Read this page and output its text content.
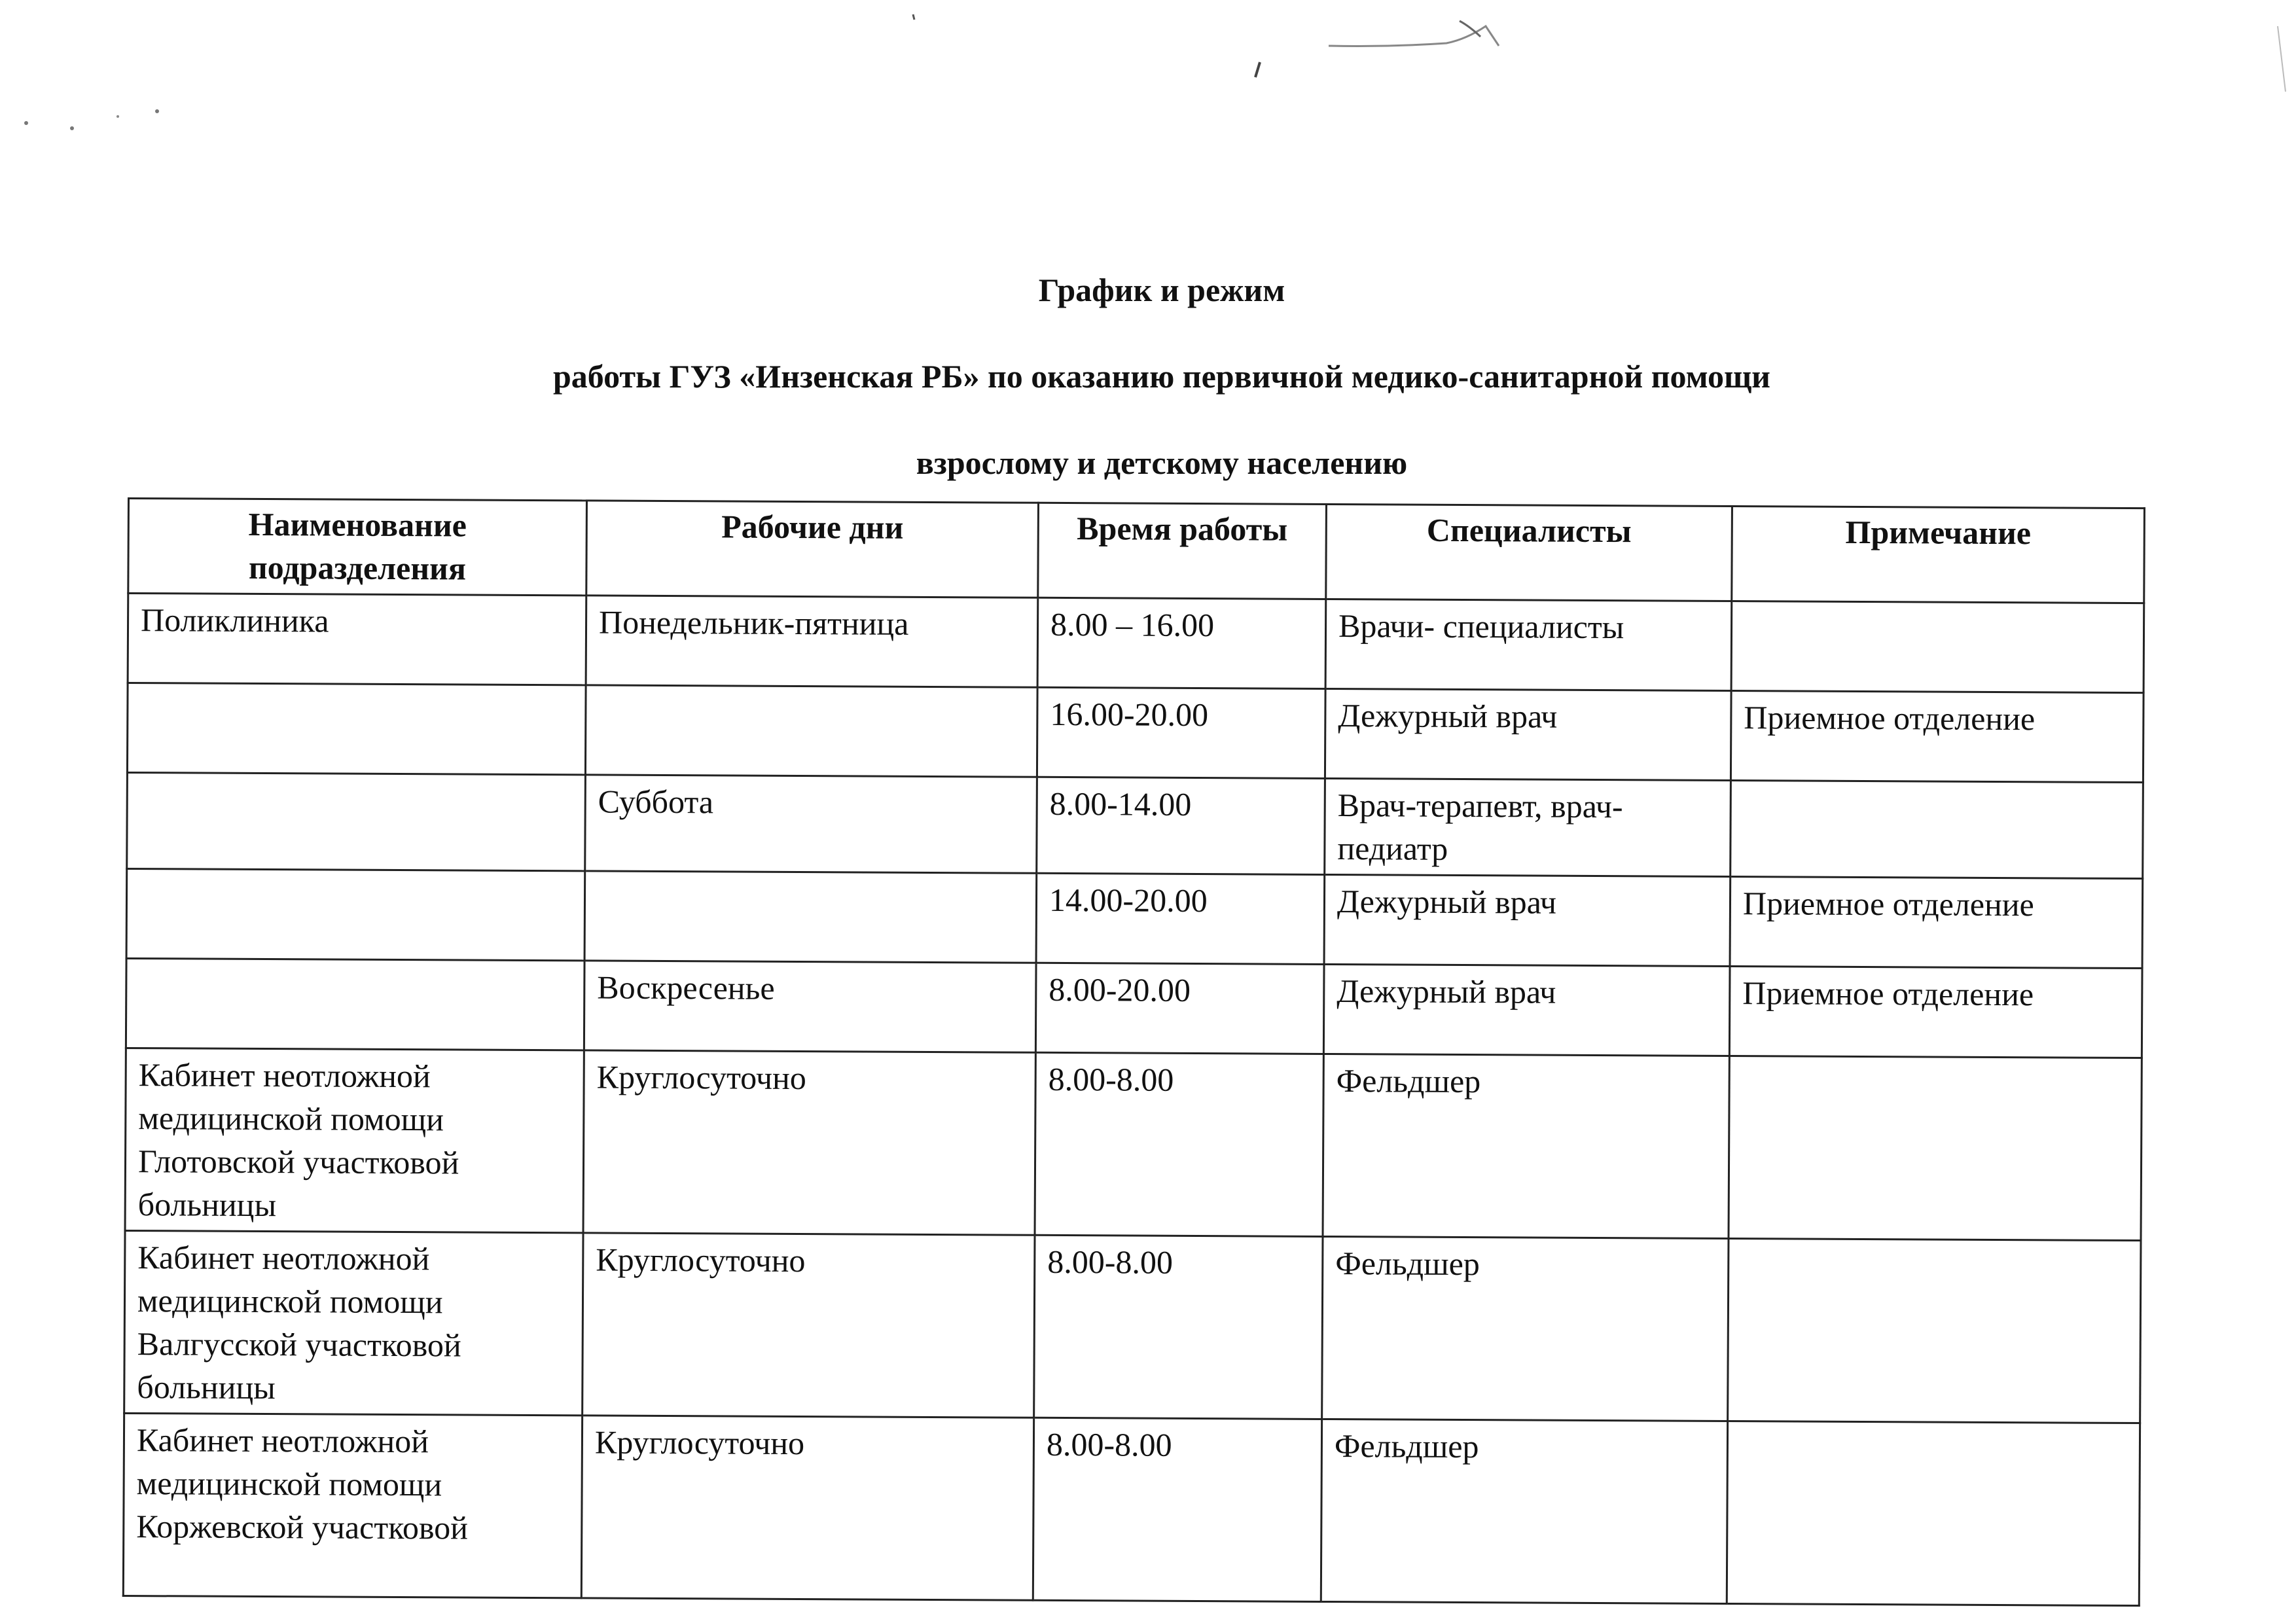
График и режим
работы ГУЗ «Инзенская РБ» по оказанию первичной медико-санитарной помощи
взрослому и детскому населению
Наименование подразделения	Рабочие дни	Время работы	Специалисты	Примечание
Поликлиника	Понедельник-пятница	8.00 – 16.00	Врачи- специалисты	
		16.00-20.00	Дежурный врач	Приемное отделение
	Суббота	8.00-14.00	Врач-терапевт, врач-педиатр	
		14.00-20.00	Дежурный врач	Приемное отделение
	Воскресенье	8.00-20.00	Дежурный врач	Приемное отделение
Кабинет неотложной медицинской помощи Глотовской участковой больницы	Круглосуточно	8.00-8.00	Фельдшер	
Кабинет неотложной медицинской помощи Валгусской участковой больницы	Круглосуточно	8.00-8.00	Фельдшер	
Кабинет неотложной медицинской помощи Коржевской участковой	Круглосуточно	8.00-8.00	Фельдшер	
